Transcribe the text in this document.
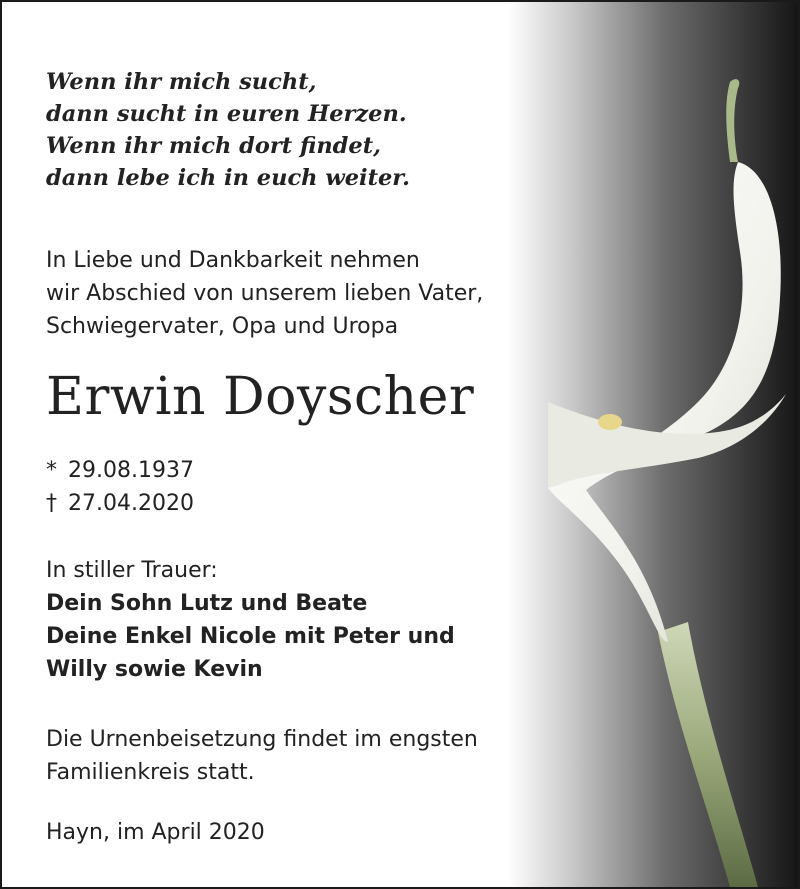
Wenn ihr mich sucht,
dann sucht in euren Herzen.
Wenn ihr mich dort findet,
dann lebe ich in euch weiter.
In Liebe und Dankbarkeit nehmen
wir Abschied von unserem lieben Vater,
Schwiegervater, Opa und Uropa
Erwin Doyscher
* 29.08.1937
† 27.04.2020
In stiller Trauer:
Dein Sohn Lutz und Beate
Deine Enkel Nicole mit Peter und
Willy sowie Kevin
Die Urnenbeisetzung findet im engsten
Familienkreis statt.
Hayn, im April 2020
